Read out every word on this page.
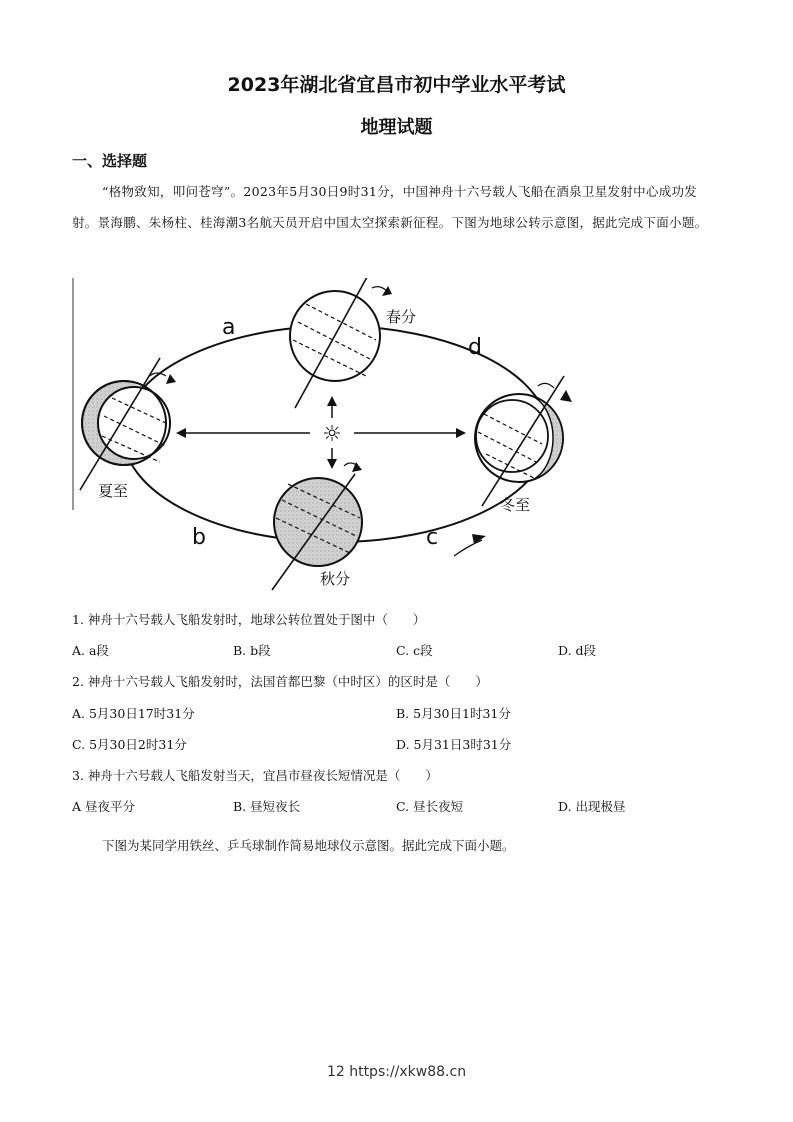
2023年湖北省宜昌市初中学业水平考试
地理试题
一、选择题
“格物致知，叩问苍穹”。2023年5月30日9时31分，中国神舟十六号载人飞船在酒泉卫星发射中心成功发射。景海鹏、朱杨柱、桂海潮3名航天员开启中国太空探索新征程。下图为地球公转示意图，据此完成下面小题。
☼
a
d
b	c
春分
夏至
秋分
冬至
1. 神舟十六号载人飞船发射时，地球公转位置处于图中（　　）
A. a段	B. b段	C. c段	D. d段
2. 神舟十六号载人飞船发射时，法国首都巴黎（中时区）的区时是（　　）
A. 5月30日17时31分	B. 5月30日1时31分
C. 5月30日2时31分	D. 5月31日3时31分
3. 神舟十六号载人飞船发射当天，宜昌市昼夜长短情况是（　　）
A 昼夜平分	B. 昼短夜长	C. 昼长夜短	D. 出现极昼
下图为某同学用铁丝、乒乓球制作简易地球仪示意图。据此完成下面小题。
12 https://xkw88.cn
